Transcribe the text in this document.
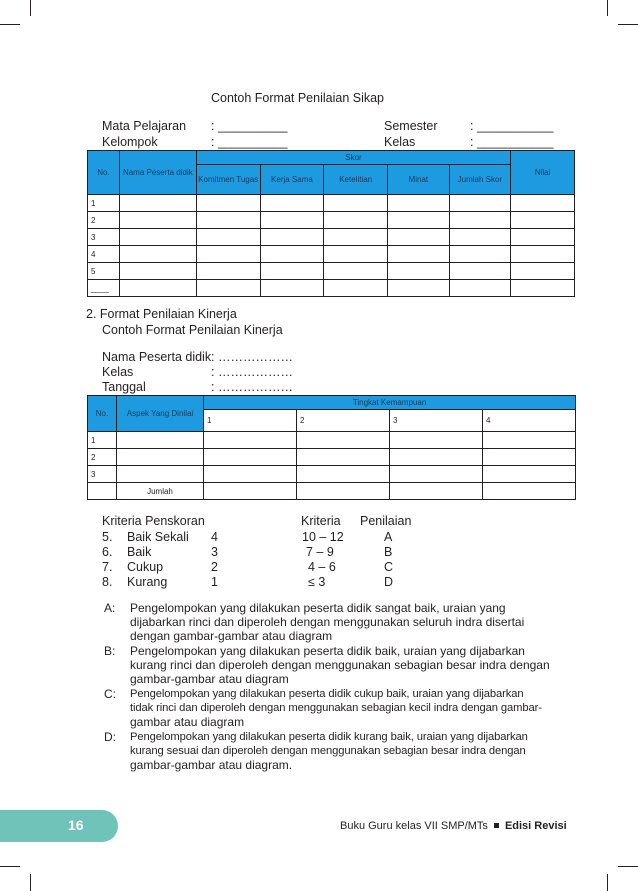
Contoh Format Penilaian Sikap
Mata Pelajaran : __________
Kelompok	: __________
Semester	: ___________
Kelas	: ___________
No.	Nama Peserta didik	Skor					Nilai
		Komitmen Tugas	Kerja Sama	Ketelitian	Minat	Jumlah Skor	
1							
2							
3							
4							
5							
____							
2. Format Penilaian Kinerja
Contoh Format Penilaian Kinerja
Nama Peserta didik : ………………
Kelas	: ………………
Tanggal	: ………………
No.	Aspek Yang Dinilai	Tingkat Kemampuan			
		1	2	3	4
1					
2					
3					
	Jumlah				
Kriteria Penskoran	Kriteria Penilaian
5. Baik Sekali 4	10 – 12	A
6. Baik	3	7 – 9	B
7. Cukup	2	4 – 6	C
8. Kurang	1	≤ 3	D
A: Pengelompokan yang dilakukan peserta didik sangat baik, uraian yang
dijabarkan rinci dan diperoleh dengan menggunakan seluruh indra disertai
dengan gambar-gambar atau diagram
B: Pengelompokan yang dilakukan peserta didik baik, uraian yang dijabarkan
kurang rinci dan diperoleh dengan menggunakan sebagian besar indra dengan
gambar-gambar atau diagram
C: Pengelompokan yang dilakukan peserta didik cukup baik, uraian yang dijabarkan
tidak rinci dan diperoleh dengan menggunakan sebagian kecil indra dengan gambar-
gambar atau diagram
D: Pengelompokan yang dilakukan peserta didik kurang baik, uraian yang dijabarkan
kurang sesuai dan diperoleh dengan menggunakan sebagian besar indra dengan
gambar-gambar atau diagram.
16	Buku Guru kelas VII SMP/MTs Edisi Revisi
